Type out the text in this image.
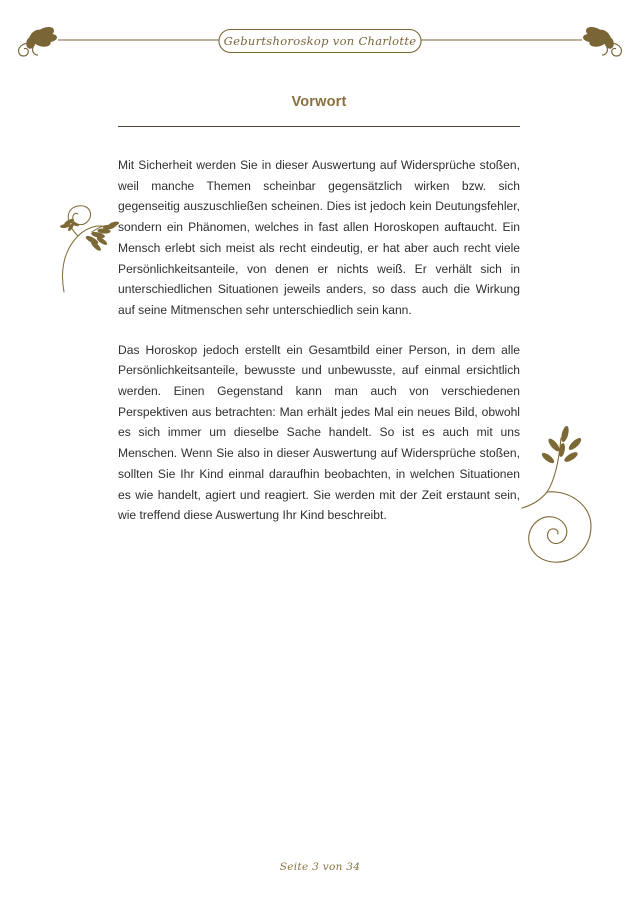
Geburtshoroskop von Charlotte
Vorwort

Mit Sicherheit werden Sie in dieser Auswertung auf Widersprüche stoßen, weil manche Themen scheinbar gegensätzlich wirken bzw. sich gegenseitig auszuschließen scheinen. Dies ist jedoch kein Deutungsfehler, sondern ein Phänomen, welches in fast allen Horoskopen auftaucht. Ein Mensch erlebt sich meist als recht eindeutig, er hat aber auch recht viele Persönlichkeitsanteile, von denen er nichts weiß. Er verhält sich in unterschiedlichen Situationen jeweils anders, so dass auch die Wirkung auf seine Mitmenschen sehr unterschiedlich sein kann.

Das Horoskop jedoch erstellt ein Gesamtbild einer Person, in dem alle Persönlichkeitsanteile, bewusste und unbewusste, auf einmal ersichtlich werden. Einen Gegenstand kann man auch von verschiedenen Perspektiven aus betrachten: Man erhält jedes Mal ein neues Bild, obwohl es sich immer um dieselbe Sache handelt. So ist es auch mit uns Menschen. Wenn Sie also in dieser Auswertung auf Widersprüche stoßen, sollten Sie Ihr Kind einmal daraufhin beobachten, in welchen Situationen es wie handelt, agiert und reagiert. Sie werden mit der Zeit erstaunt sein, wie treffend diese Auswertung Ihr Kind beschreibt.

Seite 3 von 34
